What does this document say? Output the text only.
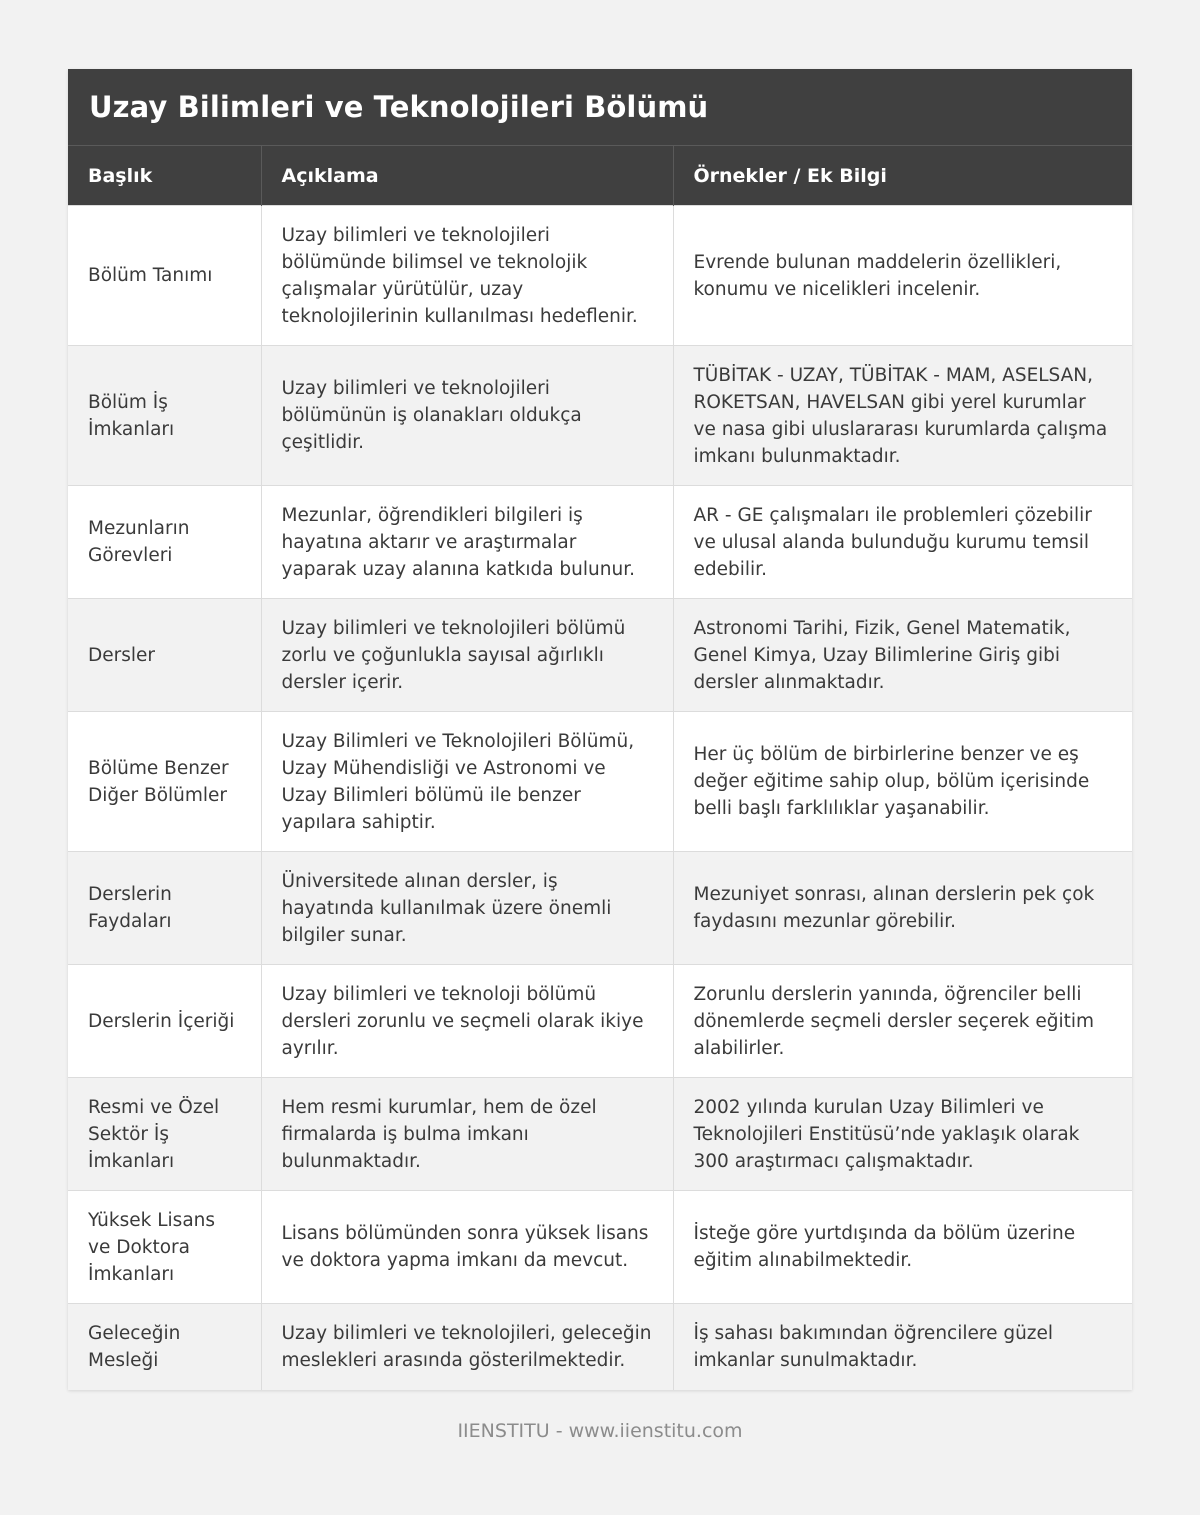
Uzay Bilimleri ve Teknolojileri Bölümü
Başlık	Açıklama	Örnekler / Ek Bilgi
Bölüm Tanımı	Uzay bilimleri ve teknolojileri bölümünde bilimsel ve teknolojik çalışmalar yürütülür, uzay teknolojilerinin kullanılması hedeflenir.	Evrende bulunan maddelerin özellikleri, konumu ve nicelikleri incelenir.
Bölüm İş İmkanları	Uzay bilimleri ve teknolojileri bölümünün iş olanakları oldukça çeşitlidir.	TÜBİTAK - UZAY, TÜBİTAK - MAM, ASELSAN, ROKETSAN, HAVELSAN gibi yerel kurumlar ve nasa gibi uluslararası kurumlarda çalışma imkanı bulunmaktadır.
Mezunların Görevleri	Mezunlar, öğrendikleri bilgileri iş hayatına aktarır ve araştırmalar yaparak uzay alanına katkıda bulunur.	AR - GE çalışmaları ile problemleri çözebilir ve ulusal alanda bulunduğu kurumu temsil edebilir.
Dersler	Uzay bilimleri ve teknolojileri bölümü zorlu ve çoğunlukla sayısal ağırlıklı dersler içerir.	Astronomi Tarihi, Fizik, Genel Matematik, Genel Kimya, Uzay Bilimlerine Giriş gibi dersler alınmaktadır.
Bölüme Benzer Diğer Bölümler	Uzay Bilimleri ve Teknolojileri Bölümü, Uzay Mühendisliği ve Astronomi ve Uzay Bilimleri bölümü ile benzer yapılara sahiptir.	Her üç bölüm de birbirlerine benzer ve eş değer eğitime sahip olup, bölüm içerisinde belli başlı farklılıklar yaşanabilir.
Derslerin Faydaları	Üniversitede alınan dersler, iş hayatında kullanılmak üzere önemli bilgiler sunar.	Mezuniyet sonrası, alınan derslerin pek çok faydasını mezunlar görebilir.
Derslerin İçeriği	Uzay bilimleri ve teknoloji bölümü dersleri zorunlu ve seçmeli olarak ikiye ayrılır.	Zorunlu derslerin yanında, öğrenciler belli dönemlerde seçmeli dersler seçerek eğitim alabilirler.
Resmi ve Özel Sektör İş İmkanları	Hem resmi kurumlar, hem de özel firmalarda iş bulma imkanı bulunmaktadır.	2002 yılında kurulan Uzay Bilimleri ve Teknolojileri Enstitüsü’nde yaklaşık olarak 300 araştırmacı çalışmaktadır.
Yüksek Lisans ve Doktora İmkanları	Lisans bölümünden sonra yüksek lisans ve doktora yapma imkanı da mevcut.	İsteğe göre yurtdışında da bölüm üzerine eğitim alınabilmektedir.
Geleceğin Mesleği	Uzay bilimleri ve teknolojileri, geleceğin meslekleri arasında gösterilmektedir.	İş sahası bakımından öğrencilere güzel imkanlar sunulmaktadır.
IIENSTITU - www.iienstitu.com
